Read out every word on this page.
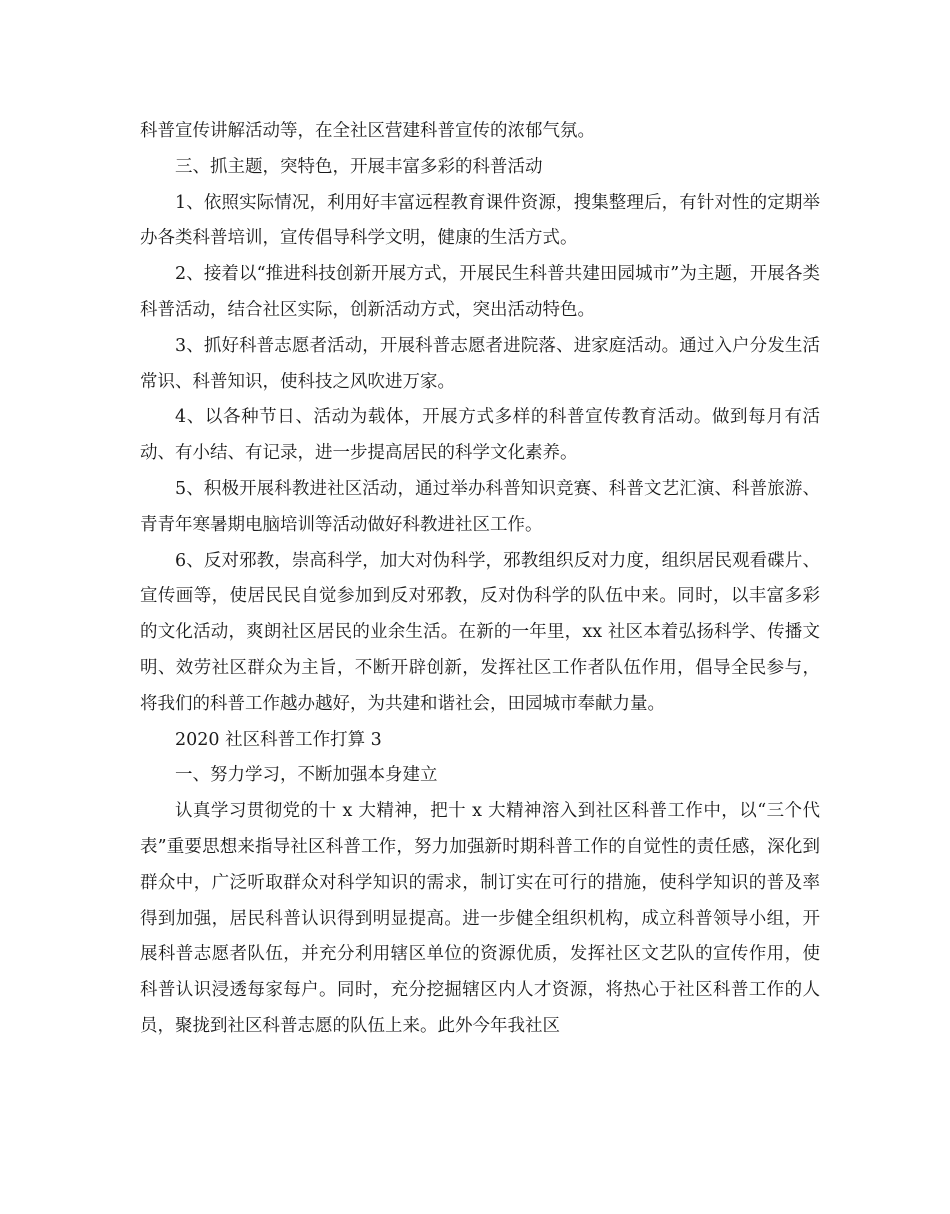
科普宣传讲解活动等，在全社区营建科普宣传的浓郁气氛。

三、抓主题，突特色，开展丰富多彩的科普活动

1、依照实际情况，利用好丰富远程教育课件资源，搜集整理后，有针对性的定期举办各类科普培训，宣传倡导科学文明，健康的生活方式。

2、接着以“推进科技创新开展方式，开展民生科普共建田园城市”为主题，开展各类科普活动，结合社区实际，创新活动方式，突出活动特色。

3、抓好科普志愿者活动，开展科普志愿者进院落、进家庭活动。通过入户分发生活常识、科普知识，使科技之风吹进万家。

4、以各种节日、活动为载体，开展方式多样的科普宣传教育活动。做到每月有活动、有小结、有记录，进一步提高居民的科学文化素养。

5、积极开展科教进社区活动，通过举办科普知识竞赛、科普文艺汇演、科普旅游、青青年寒暑期电脑培训等活动做好科教进社区工作。

6、反对邪教，崇高科学，加大对伪科学，邪教组织反对力度，组织居民观看碟片、宣传画等，使居民民自觉参加到反对邪教，反对伪科学的队伍中来。同时，以丰富多彩的文化活动，爽朗社区居民的业余生活。在新的一年里，xx 社区本着弘扬科学、传播文明、效劳社区群众为主旨，不断开辟创新，发挥社区工作者队伍作用，倡导全民参与，将我们的科普工作越办越好，为共建和谐社会，田园城市奉献力量。

2020 社区科普工作打算 3

一、努力学习，不断加强本身建立

认真学习贯彻党的十 x 大精神，把十 x 大精神溶入到社区科普工作中，以“三个代表”重要思想来指导社区科普工作，努力加强新时期科普工作的自觉性的责任感，深化到群众中，广泛听取群众对科学知识的需求，制订实在可行的措施，使科学知识的普及率得到加强，居民科普认识得到明显提高。进一步健全组织机构，成立科普领导小组，开展科普志愿者队伍，并充分利用辖区单位的资源优质，发挥社区文艺队的宣传作用，使科普认识浸透每家每户。同时，充分挖掘辖区内人才资源，将热心于社区科普工作的人员，聚拢到社区科普志愿的队伍上来。此外今年我社区
